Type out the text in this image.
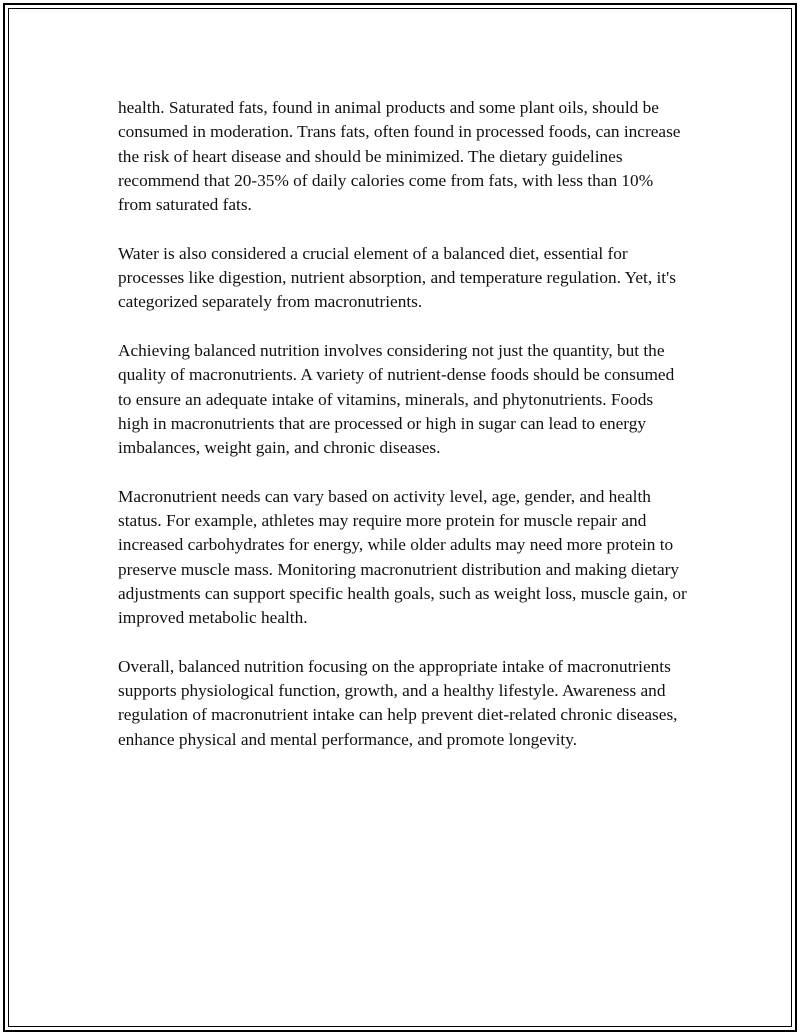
health. Saturated fats, found in animal products and some plant oils, should be consumed in moderation. Trans fats, often found in processed foods, can increase the risk of heart disease and should be minimized. The dietary guidelines recommend that 20-35% of daily calories come from fats, with less than 10% from saturated fats.

Water is also considered a crucial element of a balanced diet, essential for processes like digestion, nutrient absorption, and temperature regulation. Yet, it's categorized separately from macronutrients.

Achieving balanced nutrition involves considering not just the quantity, but the quality of macronutrients. A variety of nutrient-dense foods should be consumed to ensure an adequate intake of vitamins, minerals, and phytonutrients. Foods high in macronutrients that are processed or high in sugar can lead to energy imbalances, weight gain, and chronic diseases.

Macronutrient needs can vary based on activity level, age, gender, and health status. For example, athletes may require more protein for muscle repair and increased carbohydrates for energy, while older adults may need more protein to preserve muscle mass. Monitoring macronutrient distribution and making dietary adjustments can support specific health goals, such as weight loss, muscle gain, or improved metabolic health.

Overall, balanced nutrition focusing on the appropriate intake of macronutrients supports physiological function, growth, and a healthy lifestyle. Awareness and regulation of macronutrient intake can help prevent diet-related chronic diseases, enhance physical and mental performance, and promote longevity.
